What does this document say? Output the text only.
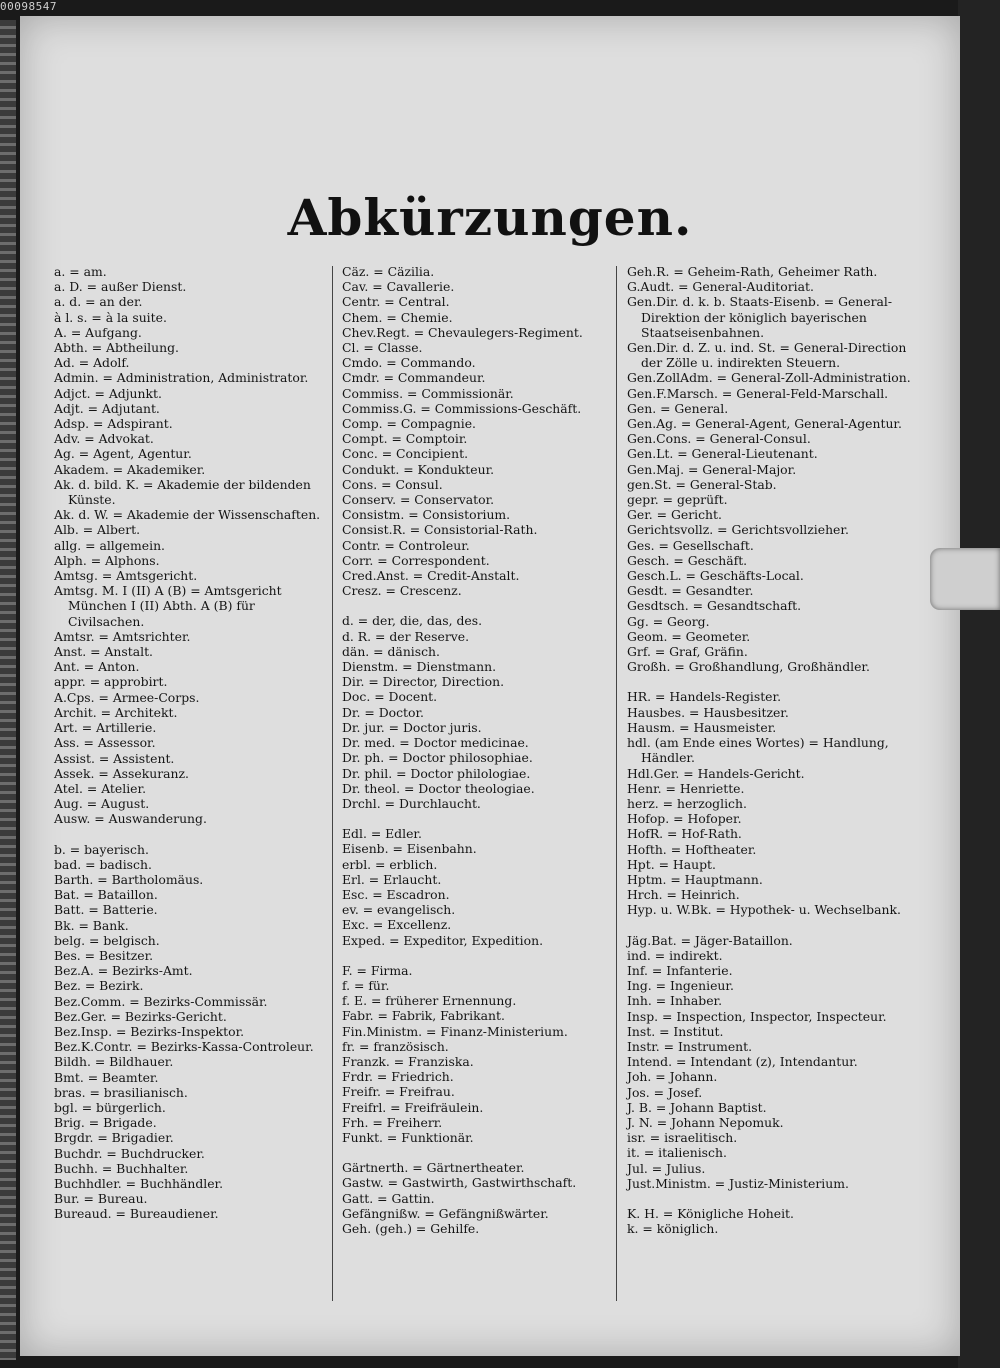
00098547
Abkürzungen.
a. = am.
a. D. = außer Dienst.
a. d. = an der.
à l. s. = à la suite.
A. = Aufgang.
Abth. = Abtheilung.
Ad. = Adolf.
Admin. = Administration, Administrator.
Adjct. = Adjunkt.
Adjt. = Adjutant.
Adsp. = Adspirant.
Adv. = Advokat.
Ag. = Agent, Agentur.
Akadem. = Akademiker.
Ak. d. bild. K. = Akademie der bildenden Künste.
Ak. d. W. = Akademie der Wissenschaften.
Alb. = Albert.
allg. = allgemein.
Alph. = Alphons.
Amtsg. = Amtsgericht.
Amtsg. M. I (II) A (B) = Amtsgericht München I (II) Abth. A (B) für Civilsachen.
Amtsr. = Amtsrichter.
Anst. = Anstalt.
Ant. = Anton.
appr. = approbirt.
A.Cps. = Armee-Corps.
Archit. = Architekt.
Art. = Artillerie.
Ass. = Assessor.
Assist. = Assistent.
Assek. = Assekuranz.
Atel. = Atelier.
Aug. = August.
Ausw. = Auswanderung.
b. = bayerisch.
bad. = badisch.
Barth. = Bartholomäus.
Bat. = Bataillon.
Batt. = Batterie.
Bk. = Bank.
belg. = belgisch.
Bes. = Besitzer.
Bez.A. = Bezirks-Amt.
Bez. = Bezirk.
Bez.Comm. = Bezirks-Commissär.
Bez.Ger. = Bezirks-Gericht.
Bez.Insp. = Bezirks-Inspektor.
Bez.K.Contr. = Bezirks-Kassa-Controleur.
Bildh. = Bildhauer.
Bmt. = Beamter.
bras. = brasilianisch.
bgl. = bürgerlich.
Brig. = Brigade.
Brgdr. = Brigadier.
Buchdr. = Buchdrucker.
Buchh. = Buchhalter.
Buchhdler. = Buchhändler.
Bur. = Bureau.
Bureaud. = Bureaudiener.
Cäz. = Cäzilia.
Cav. = Cavallerie.
Centr. = Central.
Chem. = Chemie.
Chev.Regt. = Chevaulegers-Regiment.
Cl. = Classe.
Cmdo. = Commando.
Cmdr. = Commandeur.
Commiss. = Commissionär.
Commiss.G. = Commissions-Geschäft.
Comp. = Compagnie.
Compt. = Comptoir.
Conc. = Concipient.
Condukt. = Kondukteur.
Cons. = Consul.
Conserv. = Conservator.
Consistm. = Consistorium.
Consist.R. = Consistorial-Rath.
Contr. = Controleur.
Corr. = Correspondent.
Cred.Anst. = Credit-Anstalt.
Cresz. = Crescenz.
d. = der, die, das, des.
d. R. = der Reserve.
dän. = dänisch.
Dienstm. = Dienstmann.
Dir. = Director, Direction.
Doc. = Docent.
Dr. = Doctor.
Dr. jur. = Doctor juris.
Dr. med. = Doctor medicinae.
Dr. ph. = Doctor philosophiae.
Dr. phil. = Doctor philologiae.
Dr. theol. = Doctor theologiae.
Drchl. = Durchlaucht.
Edl. = Edler.
Eisenb. = Eisenbahn.
erbl. = erblich.
Erl. = Erlaucht.
Esc. = Escadron.
ev. = evangelisch.
Exc. = Excellenz.
Exped. = Expeditor, Expedition.
F. = Firma.
f. = für.
f. E. = früherer Ernennung.
Fabr. = Fabrik, Fabrikant.
Fin.Ministm. = Finanz-Ministerium.
fr. = französisch.
Franzk. = Franziska.
Frdr. = Friedrich.
Freifr. = Freifrau.
Freifrl. = Freifräulein.
Frh. = Freiherr.
Funkt. = Funktionär.
Gärtnerth. = Gärtnertheater.
Gastw. = Gastwirth, Gastwirthschaft.
Gatt. = Gattin.
Gefängnißw. = Gefängnißwärter.
Geh. (geh.) = Gehilfe.
Geh.R. = Geheim-Rath, Geheimer Rath.
G.Audt. = General-Auditoriat.
Gen.Dir. d. k. b. Staats-Eisenb. = General-Direktion der königlich bayerischen Staatseisenbahnen.
Gen.Dir. d. Z. u. ind. St. = General-Direction der Zölle u. indirekten Steuern.
Gen.ZollAdm. = General-Zoll-Administration.
Gen.F.Marsch. = General-Feld-Marschall.
Gen. = General.
Gen.Ag. = General-Agent, General-Agentur.
Gen.Cons. = General-Consul.
Gen.Lt. = General-Lieutenant.
Gen.Maj. = General-Major.
gen.St. = General-Stab.
gepr. = geprüft.
Ger. = Gericht.
Gerichtsvollz. = Gerichtsvollzieher.
Ges. = Gesellschaft.
Gesch. = Geschäft.
Gesch.L. = Geschäfts-Local.
Gesdt. = Gesandter.
Gesdtsch. = Gesandtschaft.
Gg. = Georg.
Geom. = Geometer.
Grf. = Graf, Gräfin.
Großh. = Großhandlung, Großhändler.
HR. = Handels-Register.
Hausbes. = Hausbesitzer.
Hausm. = Hausmeister.
hdl. (am Ende eines Wortes) = Handlung, Händler.
Hdl.Ger. = Handels-Gericht.
Henr. = Henriette.
herz. = herzoglich.
Hofop. = Hofoper.
HofR. = Hof-Rath.
Hofth. = Hoftheater.
Hpt. = Haupt.
Hptm. = Hauptmann.
Hrch. = Heinrich.
Hyp. u. W.Bk. = Hypothek- u. Wechselbank.
Jäg.Bat. = Jäger-Bataillon.
ind. = indirekt.
Inf. = Infanterie.
Ing. = Ingenieur.
Inh. = Inhaber.
Insp. = Inspection, Inspector, Inspecteur.
Inst. = Institut.
Instr. = Instrument.
Intend. = Intendant (z), Intendantur.
Joh. = Johann.
Jos. = Josef.
J. B. = Johann Baptist.
J. N. = Johann Nepomuk.
isr. = israelitisch.
it. = italienisch.
Jul. = Julius.
Just.Ministm. = Justiz-Ministerium.
K. H. = Königliche Hoheit.
k. = königlich.
